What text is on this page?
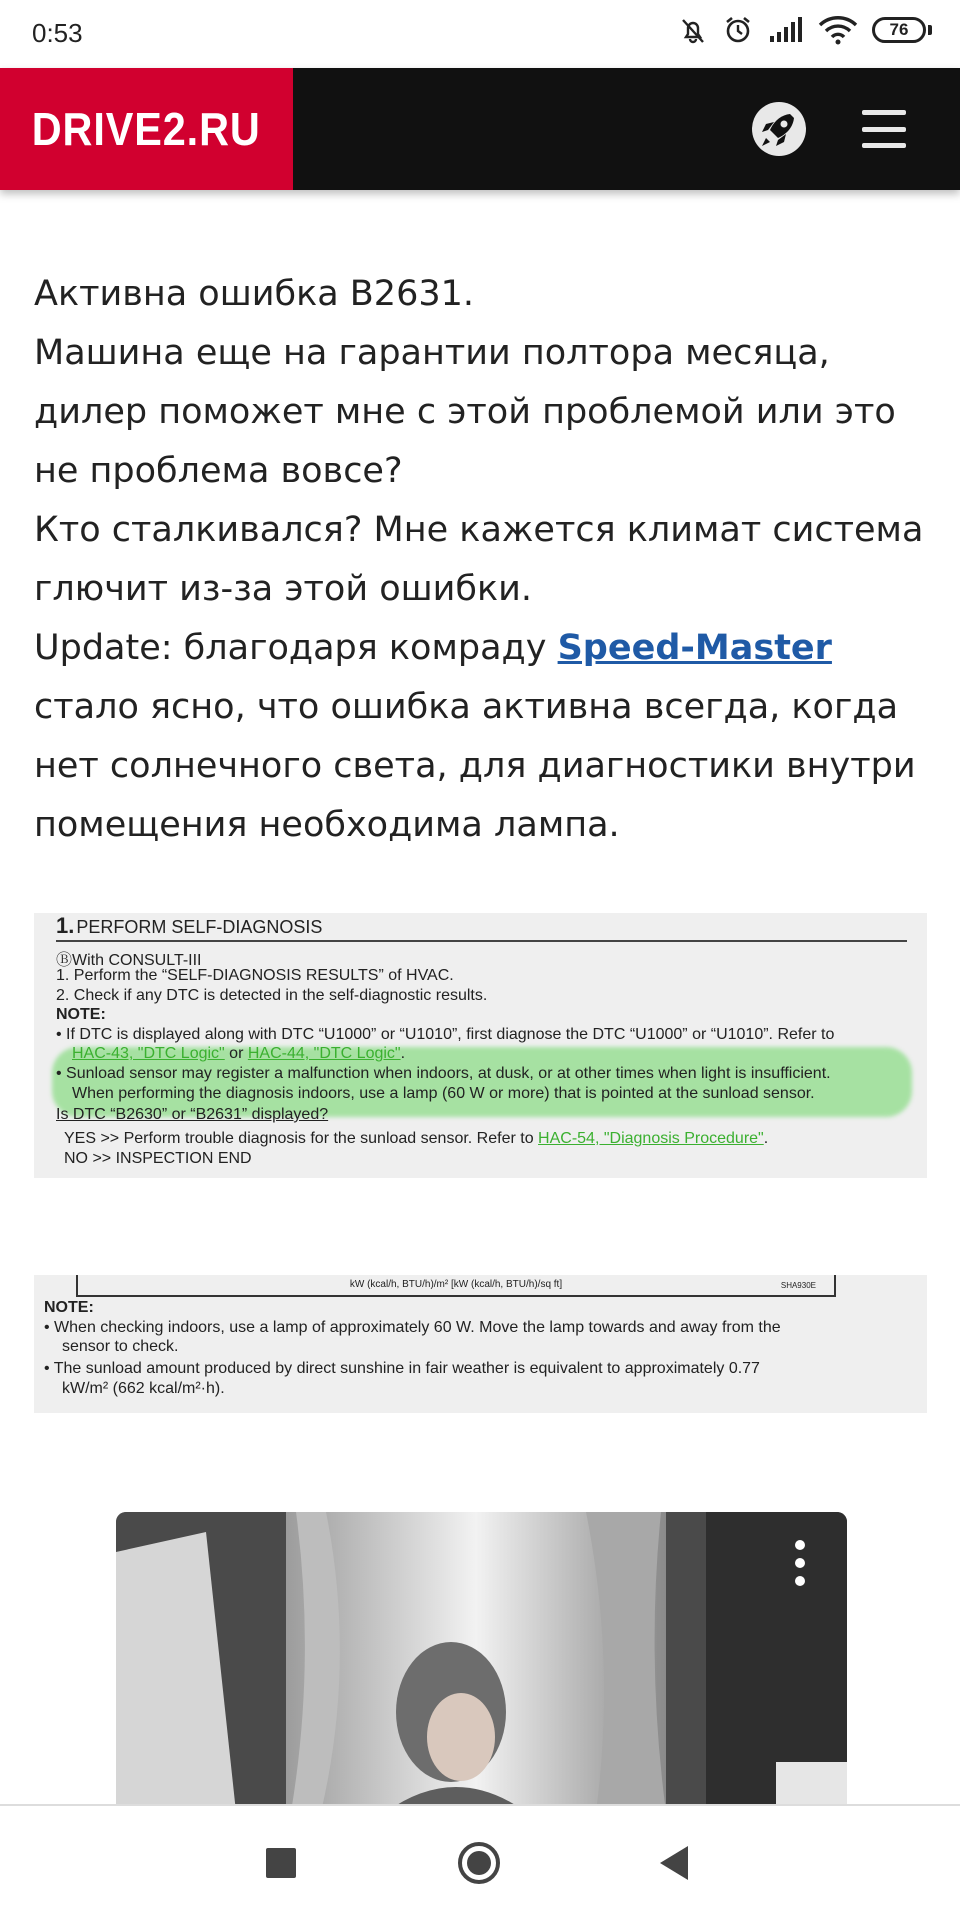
0:53	76
DRIVE2.RU

Активна ошибка В2631.

Машина еще на гарантии полтора месяца, дилер поможет мне с этой проблемой или это не проблема вовсе?

Кто сталкивался? Мне кажется климат система глючит из-за этой ошибки.

Update: благодаря комраду Speed-Master стало ясно, что ошибка активна всегда, когда нет солнечного света, для диагностики внутри помещения необходима лампа.

1. PERFORM SELF-DIAGNOSIS
ⒷWith CONSULT-III
1. Perform the “SELF-DIAGNOSIS RESULTS” of HVAC.
2. Check if any DTC is detected in the self-diagnostic results.
NOTE:
• If DTC is displayed along with DTC “U1000” or “U1010”, first diagnose the DTC “U1000” or “U1010”. Refer to
HAC-43, "DTC Logic" or HAC-44, "DTC Logic".
• Sunload sensor may register a malfunction when indoors, at dusk, or at other times when light is insufficient.
When performing the diagnosis indoors, use a lamp (60 W or more) that is pointed at the sunload sensor.
Is DTC “B2630” or “B2631” displayed?
YES >> Perform trouble diagnosis for the sunload sensor. Refer to HAC-54, "Diagnosis Procedure".
NO >> INSPECTION END
kW (kcal/h, BTU/h)/m² [kW (kcal/h, BTU/h)/sq ft]	SHA930E
NOTE:
• When checking indoors, use a lamp of approximately 60 W. Move the lamp towards and away from the
sensor to check.
• The sunload amount produced by direct sunshine in fair weather is equivalent to approximately 0.77
kW/m² (662 kcal/m²·h).
